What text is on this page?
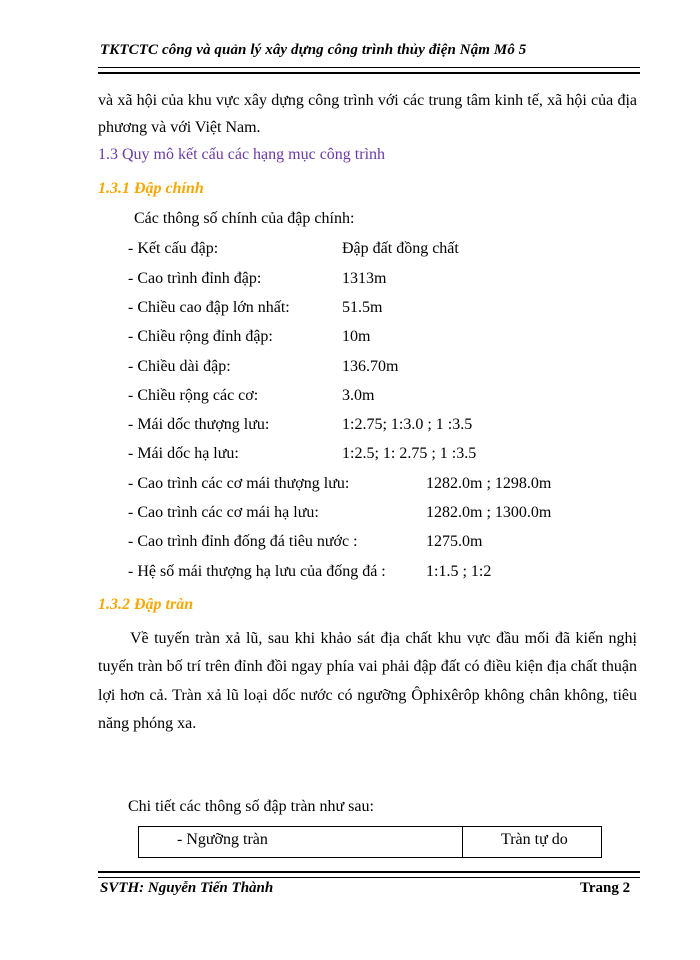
TKTCTC công và quản lý xây dựng công trình thủy điện Nậm Mô 5
và xã hội của khu vực xây dựng công trình với các trung tâm kinh tế, xã hội của địa
phương và với Việt Nam.
1.3 Quy mô kết cấu các hạng mục công trình
1.3.1 Đập chính
Các thông số chính của đập chính:
- Kết cấu đập:	Đập đất đồng chất
- Cao trình đỉnh đập:	1313m
- Chiều cao đập lớn nhất:	51.5m
- Chiều rộng đỉnh đập:	10m
- Chiều dài đập:	136.70m
- Chiều rộng các cơ:	3.0m
- Mái dốc thượng lưu:	1:2.75; 1:3.0 ; 1 :3.5
- Mái dốc hạ lưu:	1:2.5; 1: 2.75 ; 1 :3.5
- Cao trình các cơ mái thượng lưu:	1282.0m ; 1298.0m
- Cao trình các cơ mái hạ lưu:	1282.0m ; 1300.0m
- Cao trình đỉnh đống đá tiêu nước :	1275.0m
- Hệ số mái thượng hạ lưu của đống đá :	1:1.5 ; 1:2
1.3.2 Đập tràn
Về tuyến tràn xả lũ, sau khi khảo sát địa chất khu vực đầu mối đã kiến nghị
tuyến tràn bố trí trên đỉnh đồi ngay phía vai phải đập đất có điều kiện địa chất thuận
lợi hơn cả. Tràn xả lũ loại dốc nước có ngưỡng Ôphixêrôp không chân không, tiêu
năng phóng xa.
Chi tiết các thông số đập tràn như sau:
- Ngưỡng tràn	Tràn tự do
SVTH: Nguyễn Tiến Thành	Trang 2
